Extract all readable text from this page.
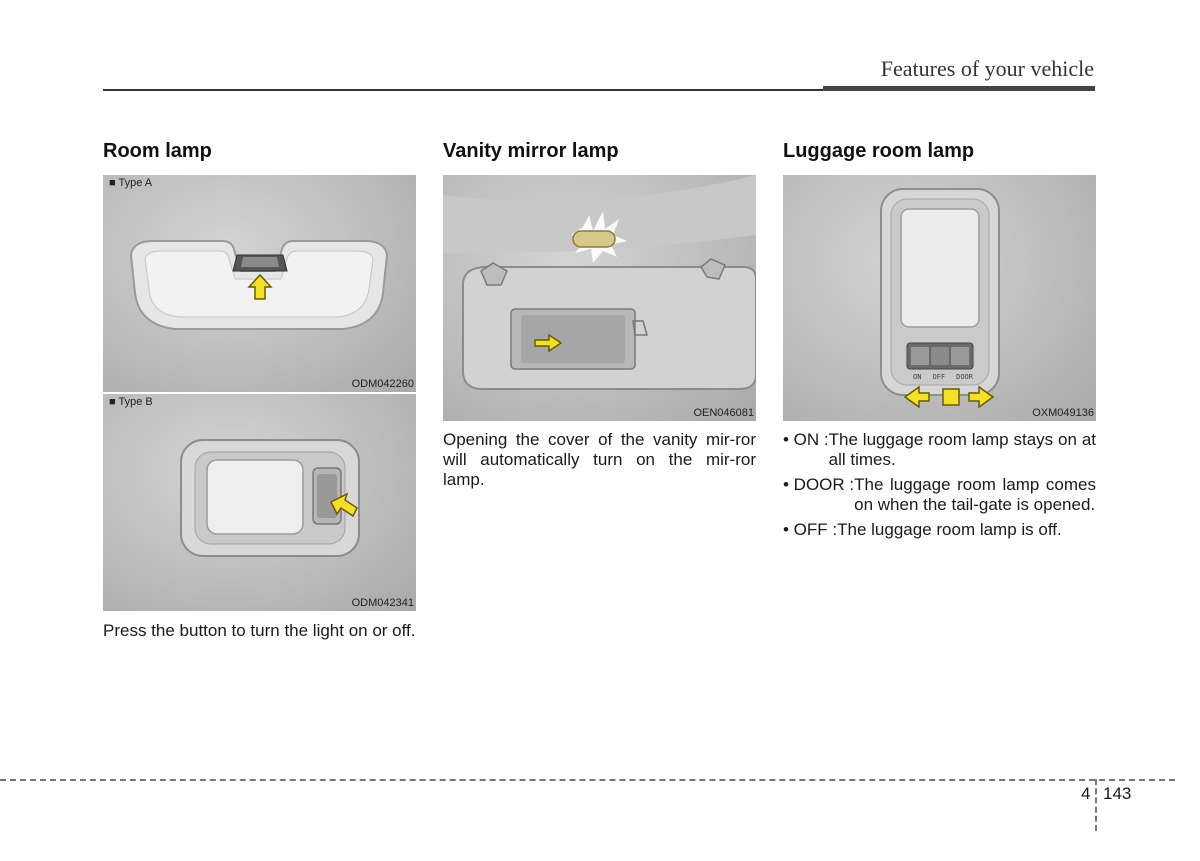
Features of your vehicle
Room lamp
■ Type A
ODM042260
■ Type B
ODM042341
Press the button to turn the light on or off.
Vanity mirror lamp
OEN046081
Opening the cover of the vanity mir-ror will automatically turn on the mir-ror lamp.
Luggage room lamp
ON OFF DOOR
OXM049136
• ON : The luggage room lamp stays on at all times.
• DOOR : The luggage room lamp comes on when the tail-gate is opened.
• OFF : The luggage room lamp is off.
4 143
